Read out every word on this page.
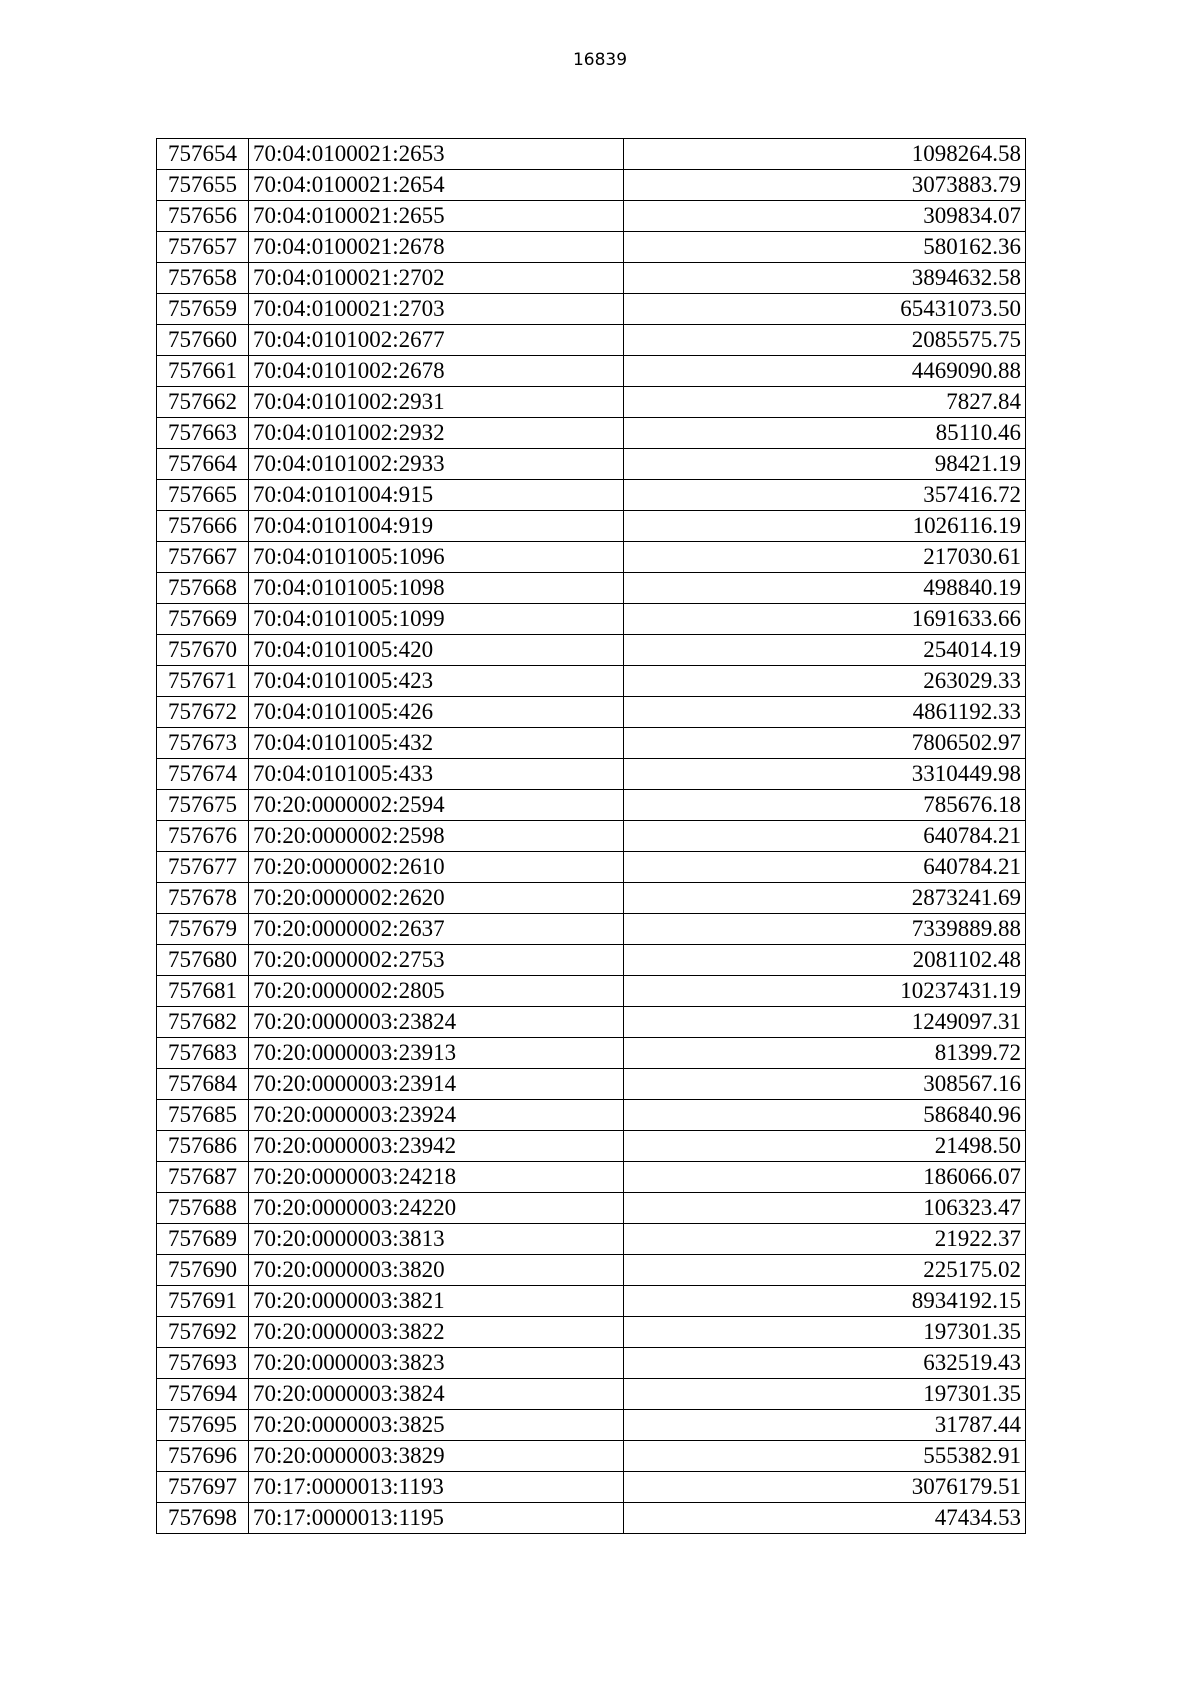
16839
757654	70:04:0100021:2653	1098264.58
757655	70:04:0100021:2654	3073883.79
757656	70:04:0100021:2655	309834.07
757657	70:04:0100021:2678	580162.36
757658	70:04:0100021:2702	3894632.58
757659	70:04:0100021:2703	65431073.50
757660	70:04:0101002:2677	2085575.75
757661	70:04:0101002:2678	4469090.88
757662	70:04:0101002:2931	7827.84
757663	70:04:0101002:2932	85110.46
757664	70:04:0101002:2933	98421.19
757665	70:04:0101004:915	357416.72
757666	70:04:0101004:919	1026116.19
757667	70:04:0101005:1096	217030.61
757668	70:04:0101005:1098	498840.19
757669	70:04:0101005:1099	1691633.66
757670	70:04:0101005:420	254014.19
757671	70:04:0101005:423	263029.33
757672	70:04:0101005:426	4861192.33
757673	70:04:0101005:432	7806502.97
757674	70:04:0101005:433	3310449.98
757675	70:20:0000002:2594	785676.18
757676	70:20:0000002:2598	640784.21
757677	70:20:0000002:2610	640784.21
757678	70:20:0000002:2620	2873241.69
757679	70:20:0000002:2637	7339889.88
757680	70:20:0000002:2753	2081102.48
757681	70:20:0000002:2805	10237431.19
757682	70:20:0000003:23824	1249097.31
757683	70:20:0000003:23913	81399.72
757684	70:20:0000003:23914	308567.16
757685	70:20:0000003:23924	586840.96
757686	70:20:0000003:23942	21498.50
757687	70:20:0000003:24218	186066.07
757688	70:20:0000003:24220	106323.47
757689	70:20:0000003:3813	21922.37
757690	70:20:0000003:3820	225175.02
757691	70:20:0000003:3821	8934192.15
757692	70:20:0000003:3822	197301.35
757693	70:20:0000003:3823	632519.43
757694	70:20:0000003:3824	197301.35
757695	70:20:0000003:3825	31787.44
757696	70:20:0000003:3829	555382.91
757697	70:17:0000013:1193	3076179.51
757698	70:17:0000013:1195	47434.53
